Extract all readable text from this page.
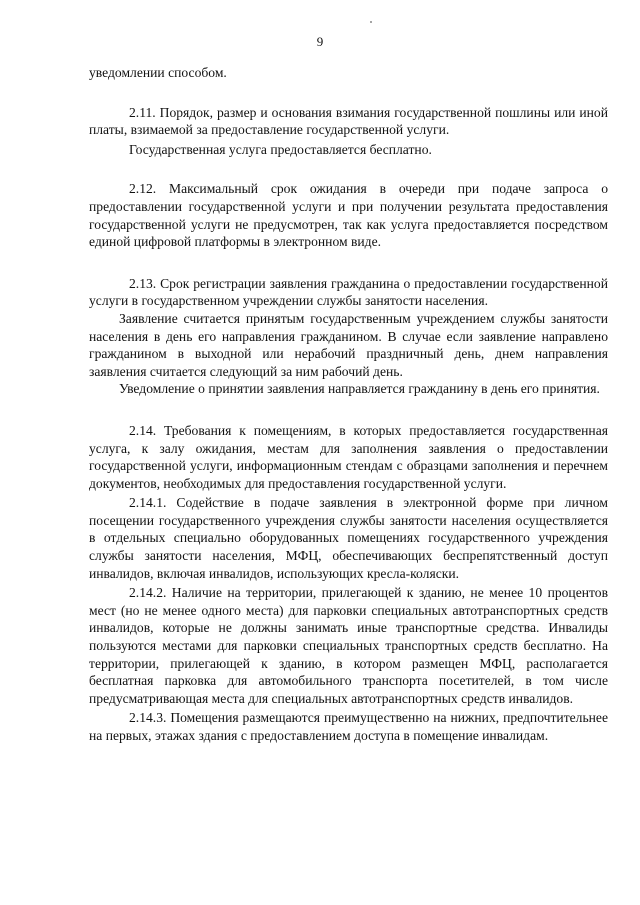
9

уведомлении способом.

2.11. Порядок, размер и основания взимания государственной пошлины или иной платы, взимаемой за предоставление государственной услуги.

Государственная услуга предоставляется бесплатно.

2.12. Максимальный срок ожидания в очереди при подаче запроса о предоставлении государственной услуги и при получении результата предоставления государственной услуги не предусмотрен, так как услуга предоставляется посредством единой цифровой платформы в электронном виде.

2.13. Срок регистрации заявления гражданина о предоставлении государственной услуги в государственном учреждении службы занятости населения.

Заявление считается принятым государственным учреждением службы занятости населения в день его направления гражданином. В случае если заявление направлено гражданином в выходной или нерабочий праздничный день, днем направления заявления считается следующий за ним рабочий день.

Уведомление о принятии заявления направляется гражданину в день его принятия.

2.14. Требования к помещениям, в которых предоставляется государственная услуга, к залу ожидания, местам для заполнения заявления о предоставлении государственной услуги, информационным стендам с образцами заполнения и перечнем документов, необходимых для предоставления государственной услуги.

2.14.1. Содействие в подаче заявления в электронной форме при личном посещении государственного учреждения службы занятости населения осуществляется в отдельных специально оборудованных помещениях государственного учреждения службы занятости населения, МФЦ, обеспечивающих беспрепятственный доступ инвалидов, включая инвалидов, использующих кресла-коляски.

2.14.2. Наличие на территории, прилегающей к зданию, не менее 10 процентов мест (но не менее одного места) для парковки специальных автотранспортных средств инвалидов, которые не должны занимать иные транспортные средства. Инвалиды пользуются местами для парковки специальных транспортных средств бесплатно. На территории, прилегающей к зданию, в котором размещен МФЦ, располагается бесплатная парковка для автомобильного транспорта посетителей, в том числе предусматривающая места для специальных автотранспортных средств инвалидов.

2.14.3. Помещения размещаются преимущественно на нижних, предпочтительнее на первых, этажах здания с предоставлением доступа в помещение инвалидам.
